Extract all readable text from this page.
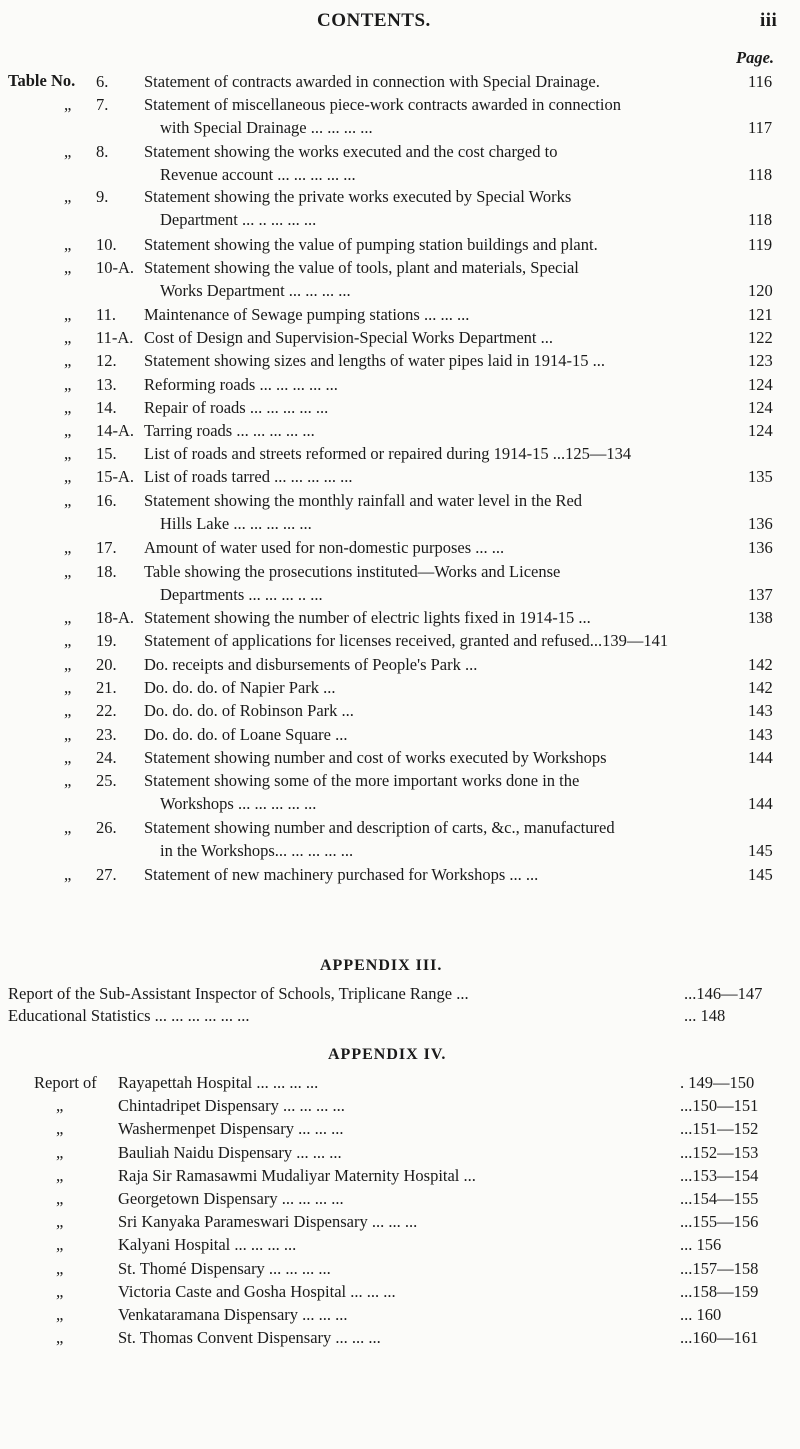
CONTENTS.	iii
Page.
Table No. 6. Statement of contracts awarded in connection with Special Drainage.	116
„ 7. Statement of miscellaneous piece-work contracts awarded in connection
with Special Drainage ... ... ... ...	117
„ 8. Statement showing the works executed and the cost charged to
Revenue account ... ... ... ... ...	118
„ 9. Statement showing the private works executed by Special Works
Department ... .. ... ... ...	118
„ 10. Statement showing the value of pumping station buildings and plant.	119
„ 10-A. Statement showing the value of tools, plant and materials, Special
Works Department ... ... ... ...	120
„ 11. Maintenance of Sewage pumping stations ... ... ...	121
„ 11-A. Cost of Design and Supervision-Special Works Department ...	122
„ 12. Statement showing sizes and lengths of water pipes laid in 1914-15 ...	123
„ 13. Reforming roads ... ... ... ... ...	124
„ 14. Repair of roads ... ... ... ... ...	124
„ 14-A. Tarring roads ... ... ... ... ...	124
„ 15. List of roads and streets reformed or repaired during 1914-15 ...125—134
„ 15-A. List of roads tarred ... ... ... ... ...	135
„ 16. Statement showing the monthly rainfall and water level in the Red
Hills Lake ... ... ... ... ...	136
„ 17. Amount of water used for non-domestic purposes ... ...	136
„ 18. Table showing the prosecutions instituted—Works and License
Departments ... ... ... .. ...	137
„ 18-A. Statement showing the number of electric lights fixed in 1914-15 ...	138
„ 19. Statement of applications for licenses received, granted and refused...139—141
„ 20. Do. receipts and disbursements of People's Park ...	142
„ 21. Do. do. do. of Napier Park ...	142
„ 22. Do. do. do. of Robinson Park ...	143
„ 23. Do. do. do. of Loane Square ...	143
„ 24. Statement showing number and cost of works executed by Workshops	144
„ 25. Statement showing some of the more important works done in the
Workshops ... ... ... ... ...	144
„ 26. Statement showing number and description of carts, &c., manufactured
in the Workshops... ... ... ... ...	145
„ 27. Statement of new machinery purchased for Workshops ... ...	145
APPENDIX III.
Report of the Sub-Assistant Inspector of Schools, Triplicane Range ...	...146—147
Educational Statistics ... ... ... ... ... ...	... 148
APPENDIX IV.
Report of Rayapettah Hospital ... ... ... ...	. 149—150
„	Chintadripet Dispensary ... ... ... ...	...150—151
„	Washermenpet Dispensary ... ... ...	...151—152
„	Bauliah Naidu Dispensary ... ... ...	...152—153
„	Raja Sir Ramasawmi Mudaliyar Maternity Hospital ...	...153—154
„	Georgetown Dispensary ... ... ... ...	...154—155
„	Sri Kanyaka Parameswari Dispensary ... ... ...	...155—156
„	Kalyani Hospital ... ... ... ...	... 156
„	St. Thomé Dispensary ... ... ... ...	...157—158
„	Victoria Caste and Gosha Hospital ... ... ...	...158—159
„	Venkataramana Dispensary ... ... ...	... 160
„	St. Thomas Convent Dispensary ... ... ...	...160—161
